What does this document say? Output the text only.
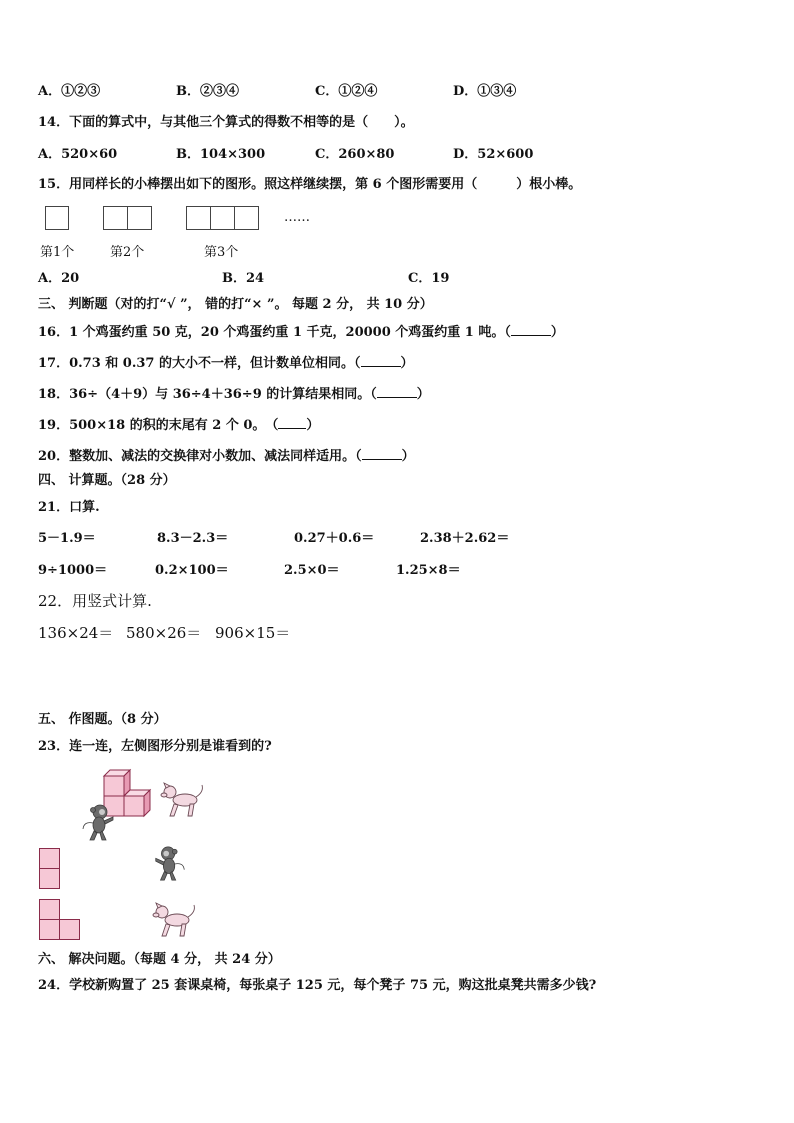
A．①②③	B．②③④	C．①②④	D．①③④
14．下面的算式中，与其他三个算式的得数不相等的是（　　）。
A．520×60	B．104×300	C．260×80	D．52×600
15．用同样长的小棒摆出如下的图形。照这样继续摆，第 6 个图形需要用（　　　）根小棒。
……
第1个	第2个	第3个
A．20	B．24	C．19
三、 判断题（对的打“√ ”， 错的打“× ”。 每题 2 分， 共 10 分）
16．1 个鸡蛋约重 50 克，20 个鸡蛋约重 1 千克，20000 个鸡蛋约重 1 吨。（	）
17．0.73 和 0.37 的大小不一样，但计数单位相同。（	）
18．36÷（4＋9）与 36÷4＋36÷9 的计算结果相同。（	）
19．500×18 的积的末尾有 2 个 0。　（ ）
20．整数加、减法的交换律对小数加、减法同样适用。（	）
四、 计算题。（28 分）
21．口算.
5－1.9＝	8.3－2.3＝	0.27＋0.6＝	2.38＋2.62＝
9÷1000＝	0.2×100＝	2.5×0＝	1.25×8＝
22．用竖式计算.
136×24＝ 580×26＝ 906×15＝
五、 作图题。（8 分）
23．连一连，左侧图形分别是谁看到的?
六、 解决问题。（每题 4 分， 共 24 分）
24．学校新购置了 25 套课桌椅，每张桌子 125 元，每个凳子 75 元，购这批桌凳共需多少钱?
